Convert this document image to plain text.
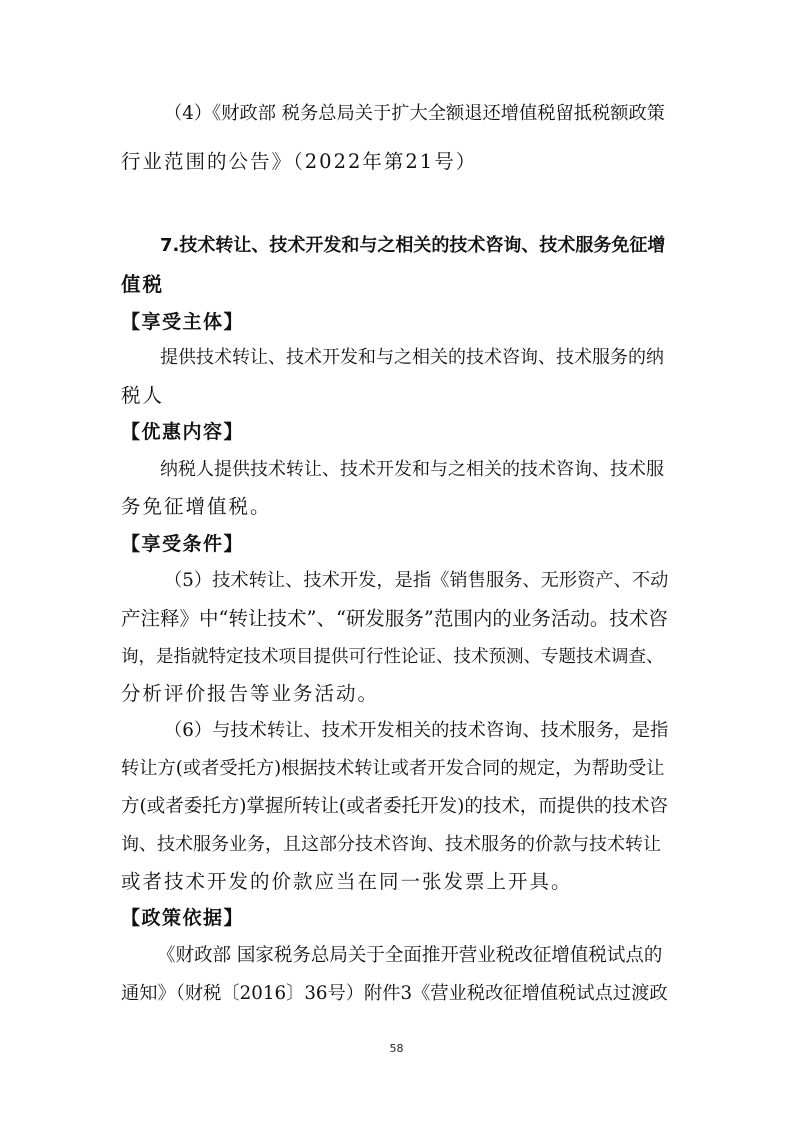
（4）《财政部 税务总局关于扩大全额退还增值税留抵税额政策
行业范围的公告》（2022年第21号）
7.技术转让、技术开发和与之相关的技术咨询、技术服务免征增
值税
【享受主体】
提供技术转让、技术开发和与之相关的技术咨询、技术服务的纳
税人
【优惠内容】
纳税人提供技术转让、技术开发和与之相关的技术咨询、技术服
务免征增值税。
【享受条件】
（5）技术转让、技术开发，是指《销售服务、无形资产、不动
产注释》中“转让技术”、“研发服务”范围内的业务活动。技术咨
询，是指就特定技术项目提供可行性论证、技术预测、专题技术调查、
分析评价报告等业务活动。
（6）与技术转让、技术开发相关的技术咨询、技术服务，是指
转让方(或者受托方)根据技术转让或者开发合同的规定，为帮助受让
方(或者委托方)掌握所转让(或者委托开发)的技术，而提供的技术咨
询、技术服务业务，且这部分技术咨询、技术服务的价款与技术转让
或者技术开发的价款应当在同一张发票上开具。
【政策依据】
《财政部 国家税务总局关于全面推开营业税改征增值税试点的
通知》（财税〔2016〕36号）附件3《营业税改征增值税试点过渡政
58
